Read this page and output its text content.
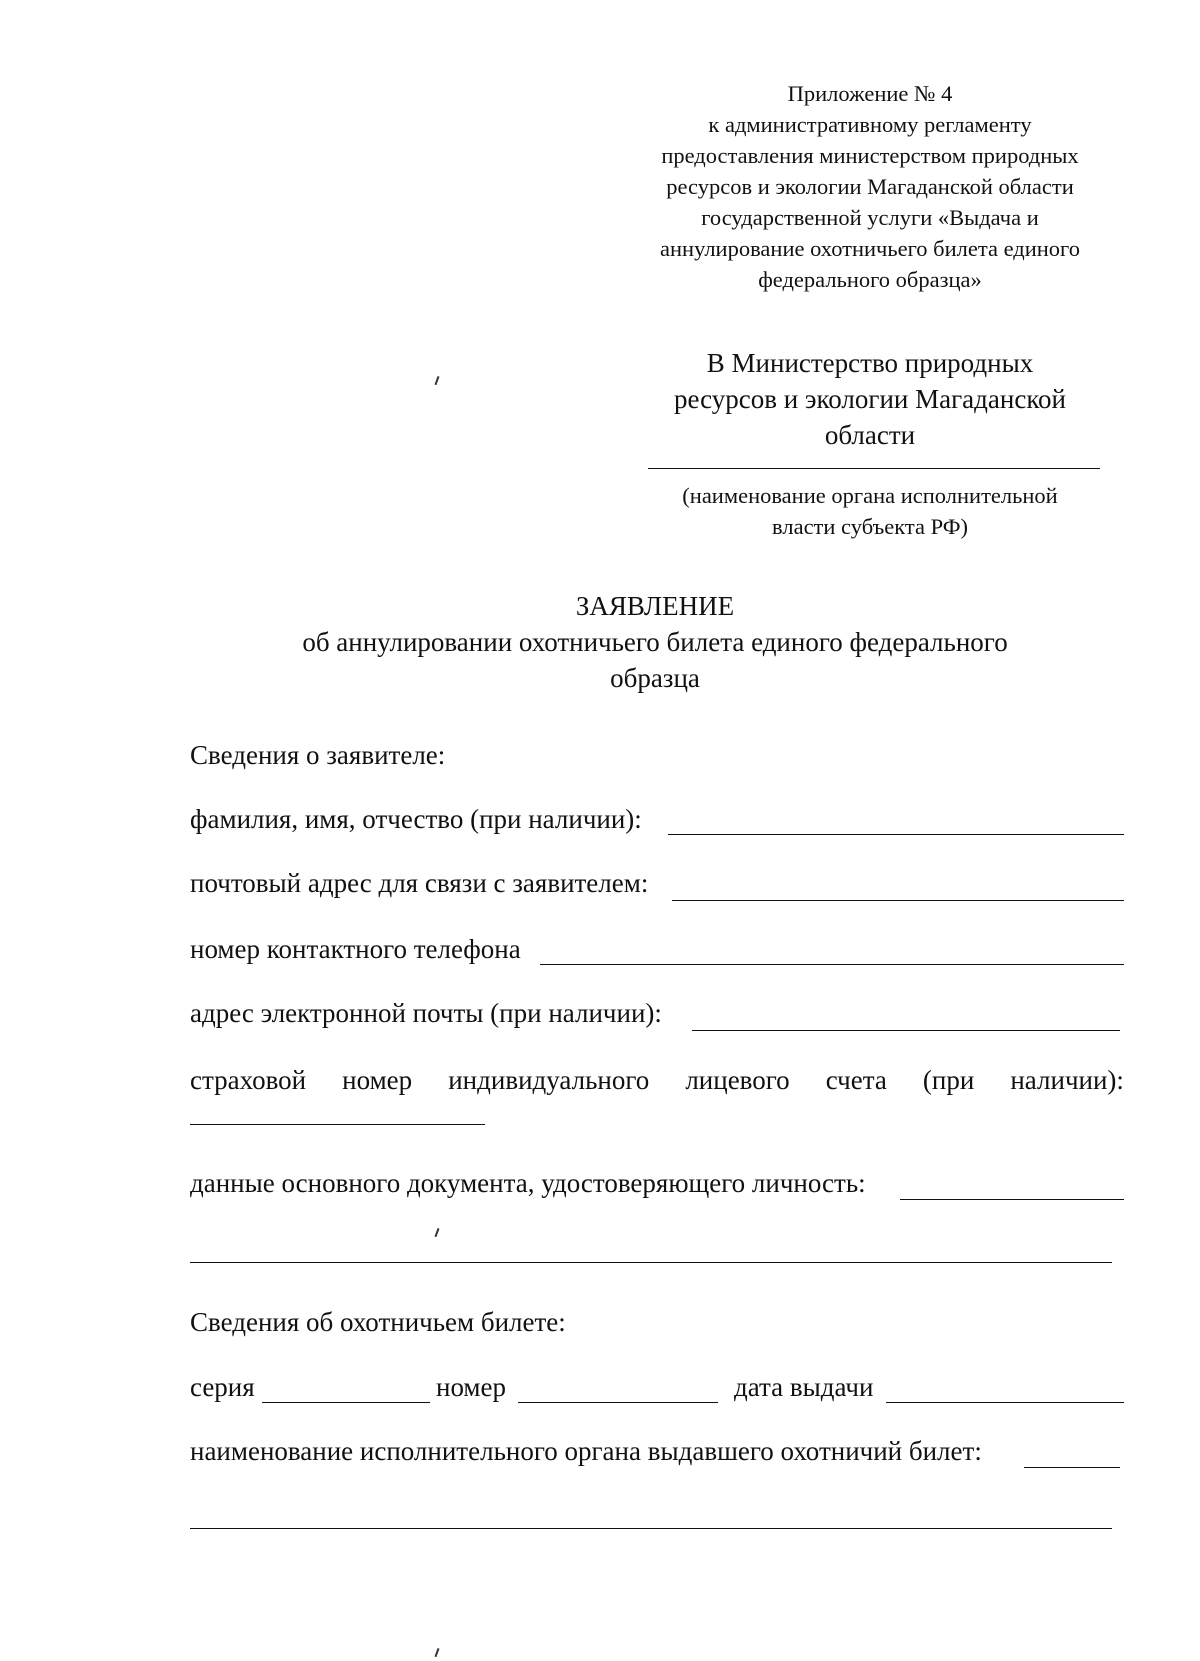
Приложение № 4
к административному регламенту
предоставления министерством природных
ресурсов и экологии Магаданской области
государственной услуги «Выдача и
аннулирование охотничьего билета единого
федерального образца»
В Министерство природных
ресурсов и экологии Магаданской
области
(наименование органа исполнительной
власти субъекта РФ)
ЗАЯВЛЕНИЕ
об аннулировании охотничьего билета единого федерального
образца
Сведения о заявителе:
фамилия, имя, отчество (при наличии):
почтовый адрес для связи с заявителем:
номер контактного телефона
адрес электронной почты (при наличии):
страховой номер индивидуального лицевого счета (при наличии):
данные основного документа, удостоверяющего личность:
Сведения об охотничьем билете:
серия	номер	дата выдачи
наименование исполнительного органа выдавшего охотничий билет:
